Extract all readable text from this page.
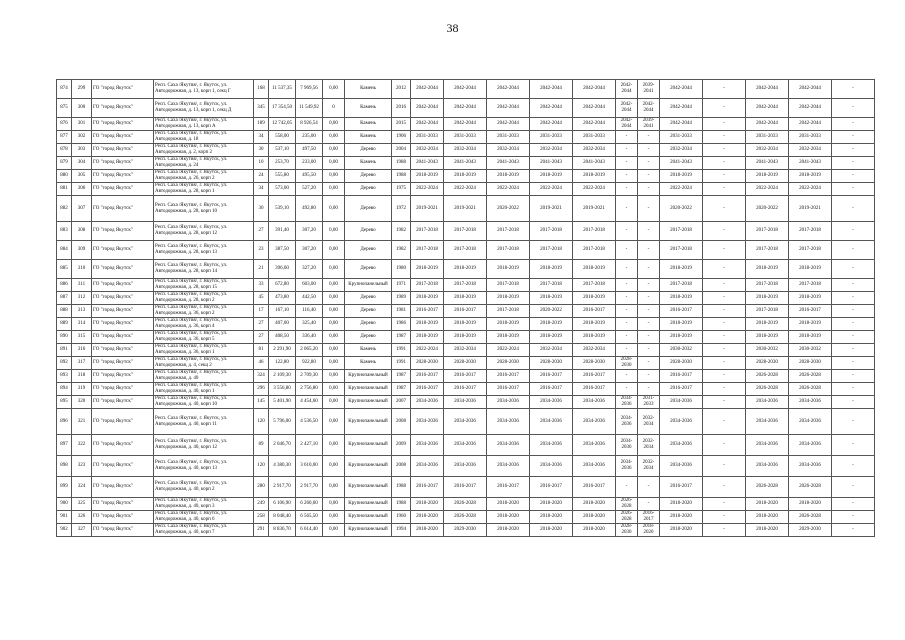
38
874	299	ГО "город Якутск"	Респ. Саха /Якутия/, г. Якутск, ул. Автодорожная, д. 13, корп 1, секц Г	168	11 537,35	7 969,56	0,00	Камень	2012	2042-2044	2042-2044	2042-2044	2042-2044	2042-2044	2042-2044	2039-2041	2042-2044	-	2042-2044	2042-2044	-
875	300	ГО "город Якутск"	Респ. Саха /Якутия/, г. Якутск, ул. Автодорожная, д. 13, корп 1, секц Д	345	17 354,50	11 549,92	0	Камень	2016	2042-2044	2042-2044	2042-2044	2042-2044	2042-2044	2042-2044	2042-2044	2042-2044	-	2042-2044	2042-2044	-
876	301	ГО "город Якутск"	Респ. Саха /Якутия/, г. Якутск, ул. Автодорожная, д. 13, корп А	189	12 742,05	8 926,54	0,00	Камень	2015	2042-2044	2042-2044	2042-2044	2042-2044	2042-2044	2042-2044	2039-2041	2042-2044	-	2042-2044	2042-2044	-
877	302	ГО "город Якутск"	Респ. Саха /Якутия/, г. Якутск, ул. Автодорожная, д. 18	34	558,00	235,00	0,00	Камень	1906	2031-2033	2031-2033	2031-2033	2031-2033	2031-2033	-	-	2031-2033	-	2031-2033	2031-2033	-
878	303	ГО "город Якутск"	Респ. Саха /Якутия/, г. Якутск, ул. Автодорожная, д. 2, корп 2	30	537,10	497,50	0,00	Дерево	2004	2032-2034	2032-2034	2032-2034	2032-2034	2032-2034	-	-	2032-2034	-	2032-2034	2032-2034	-
879	304	ГО "город Якутск"	Респ. Саха /Якутия/, г. Якутск, ул. Автодорожная, д. 24	10	253,70	233,00	0,00	Камень	1988	2041-2043	2041-2043	2041-2043	2041-2043	2041-2043	-	-	2041-2043	-	2041-2043	2041-2043	-
880	305	ГО "город Якутск"	Респ. Саха /Якутия/, г. Якутск, ул. Автодорожная, д. 26, корп 2	24	555,80	495,50	0,00	Дерево	1988	2018-2019	2018-2019	2018-2019	2018-2019	2018-2019	-	-	2018-2019	-	2018-2019	2018-2019	-
881	306	ГО "город Якутск"	Респ. Саха /Якутия/, г. Якутск, ул. Автодорожная, д. 28, корп 1	34	573,00	527,20	0,00	Дерево	1975	2022-2024	2022-2024	2022-2024	2022-2024	2022-2024	-	-	2022-2024	-	2022-2024	2022-2024	-
882	307	ГО "город Якутск"	Респ. Саха /Якутия/, г. Якутск, ул. Автодорожная, д. 28, корп 10	30	539,10	492,80	0,00	Дерево	1972	2019-2021	2019-2021	2020-2022	2019-2021	2019-2021	-	-	2020-2022	-	2020-2022	2019-2021	-
883	308	ГО "город Якутск"	Респ. Саха /Якутия/, г. Якутск, ул. Автодорожная, д. 28, корп 12	27	391,40	307,20	0,00	Дерево	1982	2017-2018	2017-2018	2017-2018	2017-2018	2017-2018	-	-	2017-2018	-	2017-2018	2017-2018	-
884	309	ГО "город Якутск"	Респ. Саха /Якутия/, г. Якутск, ул. Автодорожная, д. 28, корп 13	23	387,50	307,20	0,00	Дерево	1982	2017-2018	2017-2018	2017-2018	2017-2018	2017-2018	-	-	2017-2018	-	2017-2018	2017-2018	-
885	310	ГО "город Якутск"	Респ. Саха /Якутия/, г. Якутск, ул. Автодорожная, д. 28, корп 14	21	396,60	327,20	0,00	Дерево	1980	2018-2019	2018-2019	2018-2019	2018-2019	2018-2019	-	-	2018-2019	-	2018-2019	2018-2019	-
886	311	ГО "город Якутск"	Респ. Саха /Якутия/, г. Якутск, ул. Автодорожная, д. 28, корп 15	33	672,80	603,00	0,00	Крупнопанельный	1971	2017-2018	2017-2018	2017-2018	2017-2018	2017-2018	-	-	2017-2018	-	2017-2018	2017-2018	-
887	312	ГО "город Якутск"	Респ. Саха /Якутия/, г. Якутск, ул. Автодорожная, д. 28, корп 2	45	473,80	442,50	0,00	Дерево	1989	2018-2019	2018-2019	2018-2019	2018-2019	2018-2019	-	-	2018-2019	-	2018-2019	2018-2019	-
888	313	ГО "город Якутск"	Респ. Саха /Якутия/, г. Якутск, ул. Автодорожная, д. 36, корп 2	17	167,10	116,40	0,00	Дерево	1981	2016-2017	2016-2017	2017-2018	2020-2022	2016-2017	-	-	2016-2017	-	2017-2018	2016-2017	-
889	314	ГО "город Якутск"	Респ. Саха /Якутия/, г. Якутск, ул. Автодорожная, д. 36, корп 4	27	407,00	325,40	0,00	Дерево	1986	2018-2019	2018-2019	2018-2019	2018-2019	2018-2019	-	-	2018-2019	-	2018-2019	2018-2019	-
890	315	ГО "город Якутск"	Респ. Саха /Якутия/, г. Якутск, ул. Автодорожная, д. 36, корп 5	27	408,50	336,40	0,00	Дерево	1987	2018-2019	2018-2019	2018-2019	2018-2019	2018-2019	-	-	2018-2019	-	2018-2019	2018-2019	-
891	316	ГО "город Якутск"	Респ. Саха /Якутия/, г. Якутск, ул. Автодорожная, д. 36, корп 1	81	2 291,90	2 065,20	0,00	Камень	1991	2022-2024	2032-2034	2022-2024	2032-2034	2032-2034	-	-	2030-2032	-	2030-2032	2030-2032	-
892	317	ГО "город Якутск"	Респ. Саха /Якутия/, г. Якутск, ул. Автодорожная, д. 4, секц 2	46	122,80	922,80	0,00	Камень	1991	2028-2030	2028-2030	2028-2030	2028-2030	2028-2030	2028-2030	-	2028-2030	-	2028-2030	2028-2030	-
893	318	ГО "город Якутск"	Респ. Саха /Якутия/, г. Якутск, ул. Автодорожная, д. 40	324	2 109,30	2 709,30	0,00	Крупнопанельный	1987	2016-2017	2016-2017	2016-2017	2016-2017	2016-2017	-	-	2016-2017	-	2026-2028	2026-2028	-
894	319	ГО "город Якутск"	Респ. Саха /Якутия/, г. Якутск, ул. Автодорожная, д. 40, корп 1	296	3 556,80	2 756,80	0,00	Крупнопанельный	1987	2016-2017	2016-2017	2016-2017	2016-2017	2016-2017	-	-	2016-2017	-	2026-2028	2026-2028	-
895	320	ГО "город Якутск"	Респ. Саха /Якутия/, г. Якутск, ул. Автодорожная, д. 40, корп 10	145	5 401,90	4 454,60	0,00	Крупнопанельный	2007	2034-2036	2034-2036	2034-2036	2034-2036	2034-2036	2034-2036	2031-2033	2034-2036	-	2034-2036	2034-2036	-
896	321	ГО "город Якутск"	Респ. Саха /Якутия/, г. Якутск, ул. Автодорожная, д. 40, корп 11	120	5 796,00	4 536,50	0,00	Крупнопанельный	2008	2034-2036	2034-2036	2034-2036	2034-2036	2034-2036	2034-2036	2032-2034	2034-2036	-	2034-2036	2034-2036	-
897	322	ГО "город Якутск"	Респ. Саха /Якутия/, г. Якутск, ул. Автодорожная, д. 40, корп 12	89	2 046,70	2 427,10	0,00	Крупнопанельный	2009	2034-2036	2034-2036	2034-2036	2034-2036	2034-2036	2034-2036	2032-2034	2034-2036	-	2034-2036	2034-2036	-
898	323	ГО "город Якутск"	Респ. Саха /Якутия/, г. Якутск, ул. Автодорожная, д. 40, корп 13	120	4 380,30	3 610,00	0,00	Крупнопанельный	2008	2034-2036	2034-2036	2034-2036	2034-2036	2034-2036	2034-2036	2032-2034	2034-2036	-	2034-2036	2034-2036	-
899	324	ГО "город Якутск"	Респ. Саха /Якутия/, г. Якутск, ул. Автодорожная, д. 40, корп 2	280	2 917,70	2 917,70	0,00	Крупнопанельный	1988	2016-2017	2016-2017	2016-2017	2016-2017	2016-2017	-	-	2016-2017	-	2026-2028	2026-2028	-
900	325	ГО "город Якутск"	Респ. Саха /Якутия/, г. Якутск, ул. Автодорожная, д. 40, корп 3	249	6 106,90	6 260,60	0,00	Крупнопанельный	1988	2018-2020	2026-2028	2018-2020	2018-2020	2018-2020	2026-2028	-	2018-2020	-	2018-2020	2018-2020	-
901	326	ГО "город Якутск"	Респ. Саха /Якутия/, г. Якутск, ул. Автодорожная, д. 40, корп 6	258	8 048,40	6 565,50	0,00	Крупнопанельный	1960	2018-2020	2026-2028	2018-2020	2018-2020	2018-2020	2026-2028	2016-2017	2018-2020	-	2018-2020	2026-2028	-
902	327	ГО "город Якутск"	Респ. Саха /Якутия/, г. Якутск, ул. Автодорожная, д. 40, корп 7	291	8 836,70	6 614,40	0,00	Крупнопанельный	1994	2018-2020	2029-2030	2018-2020	2018-2020	2018-2020	2028-2030	2018-2020	2018-2020	-	2018-2020	2029-2030	-
